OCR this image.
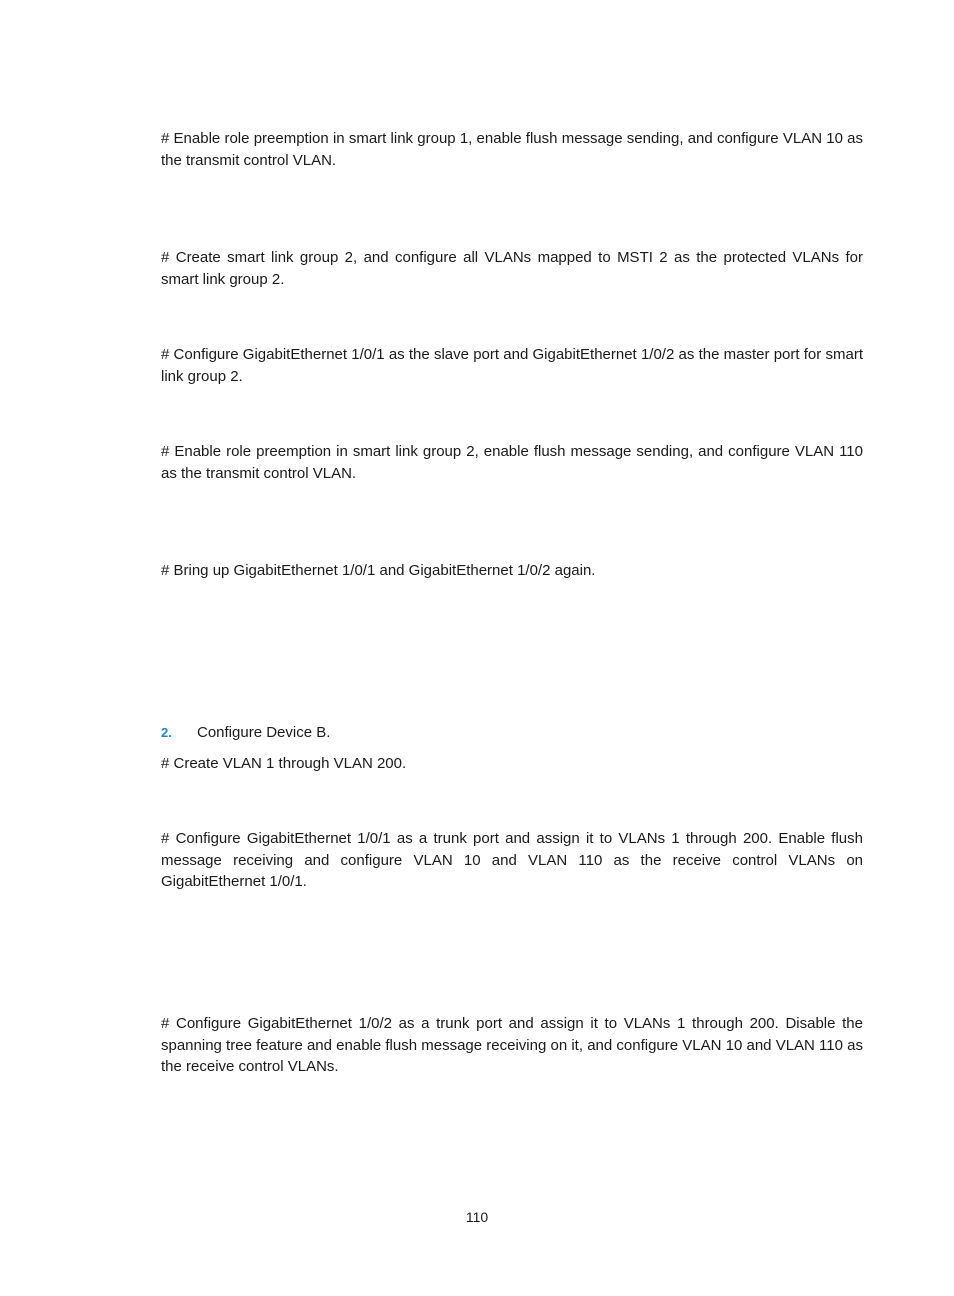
# Enable role preemption in smart link group 1, enable flush message sending, and configure VLAN 10 as the transmit control VLAN.

# Create smart link group 2, and configure all VLANs mapped to MSTI 2 as the protected VLANs for smart link group 2.

# Configure GigabitEthernet 1/0/1 as the slave port and GigabitEthernet 1/0/2 as the master port for smart link group 2.

# Enable role preemption in smart link group 2, enable flush message sending, and configure VLAN 110 as the transmit control VLAN.

# Bring up GigabitEthernet 1/0/1 and GigabitEthernet 1/0/2 again.

2. Configure Device B.

# Create VLAN 1 through VLAN 200.

# Configure GigabitEthernet 1/0/1 as a trunk port and assign it to VLANs 1 through 200. Enable flush message receiving and configure VLAN 10 and VLAN 110 as the receive control VLANs on GigabitEthernet 1/0/1.

# Configure GigabitEthernet 1/0/2 as a trunk port and assign it to VLANs 1 through 200. Disable the spanning tree feature and enable flush message receiving on it, and configure VLAN 10 and VLAN 110 as the receive control VLANs.

110
